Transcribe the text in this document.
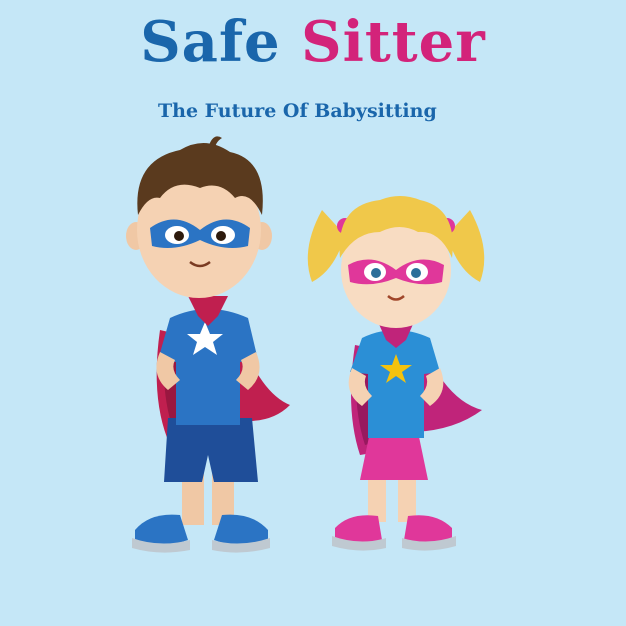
Safe Sitter
The Future Of Babysitting
